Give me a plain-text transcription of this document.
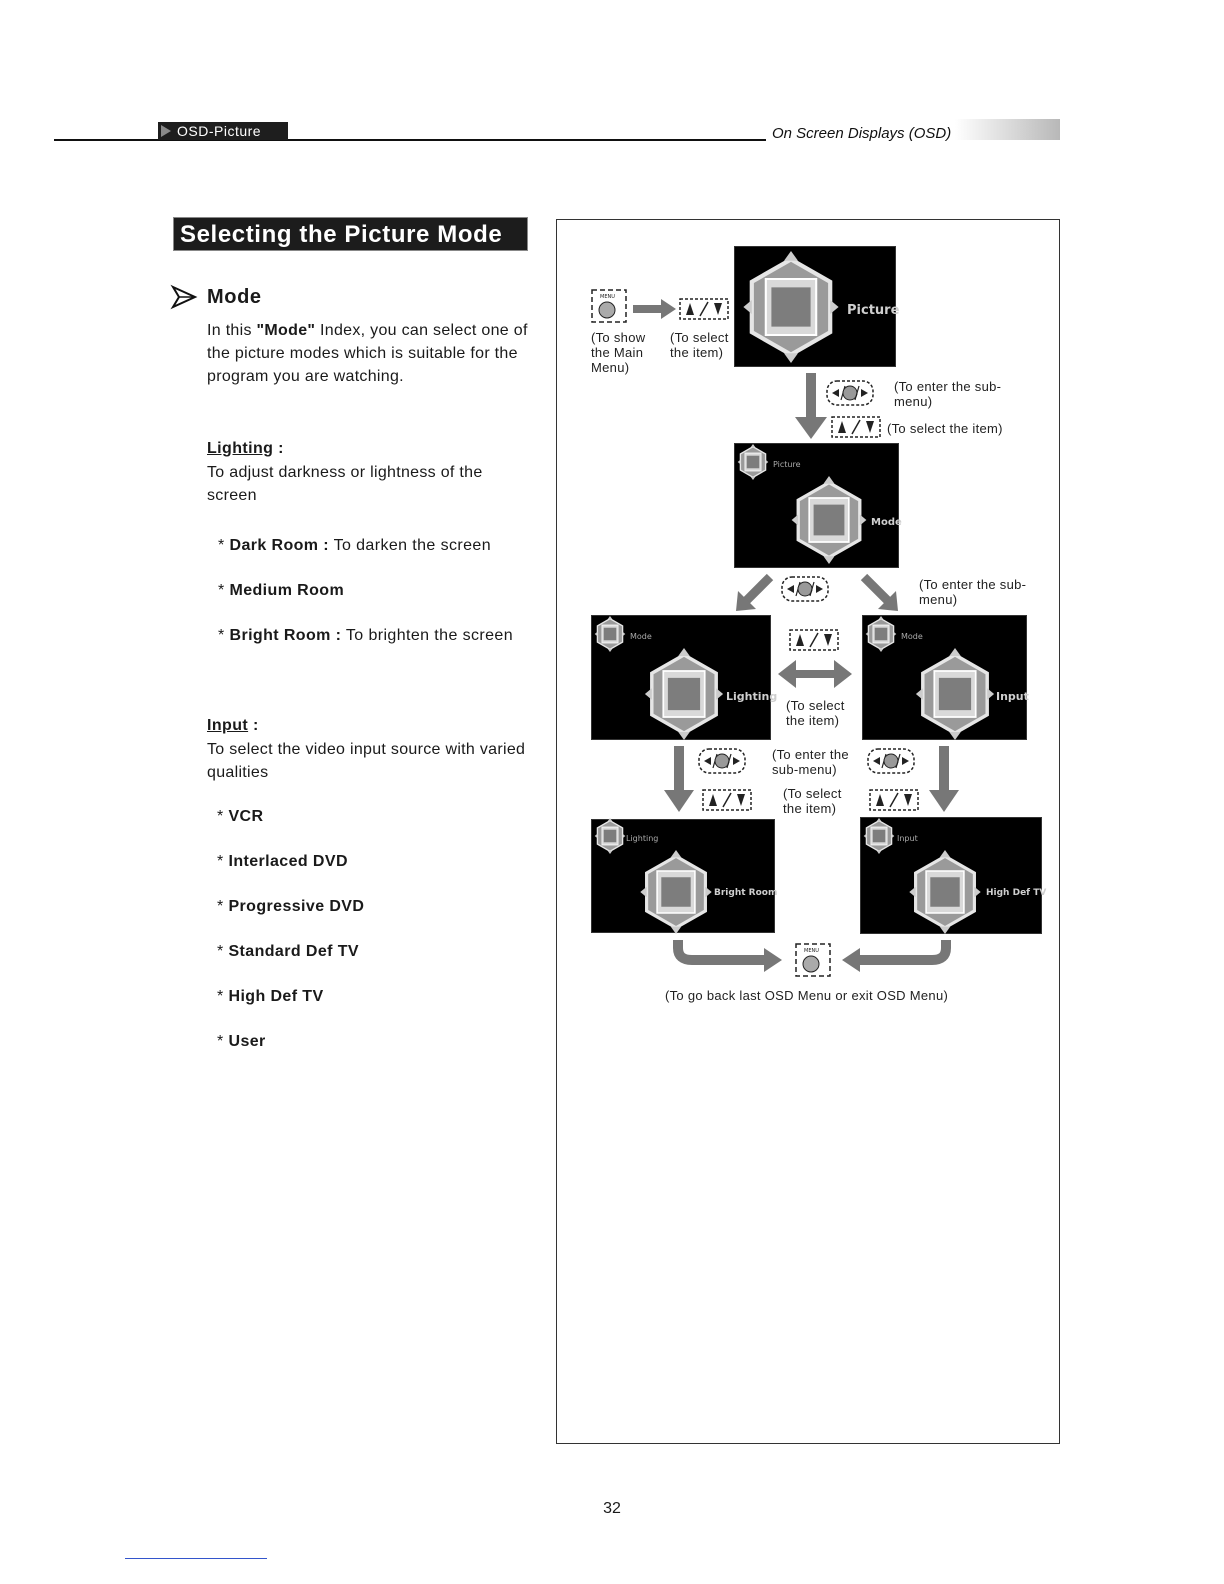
OSD-Picture	On Screen Displays (OSD)
Selecting the Picture Mode
Mode
In this "Mode" Index, you can select one of the picture modes which is suitable for the program you are watching.
Lighting :
To adjust darkness or lightness of the screen
* Dark Room : To darken the screen
* Medium Room
* Bright Room : To brighten the screen
Input :
To select the video input source with varied qualities
* VCR
* Interlaced DVD
* Progressive DVD
* Standard Def TV
* High Def TV
* User
Picture
MENU
(To show the Main Menu)
(To select the item)
(To enter the sub-menu)
(To select the item)
Picture
Mode
(To enter the sub-menu)
Mode
Lighting
Mode
Input
(To select the item)
(To enter the sub-menu)
(To select the item)
Lighting
Bright Room
Input
High Def TV
MENU
(To go back last OSD Menu or exit OSD Menu)
32
